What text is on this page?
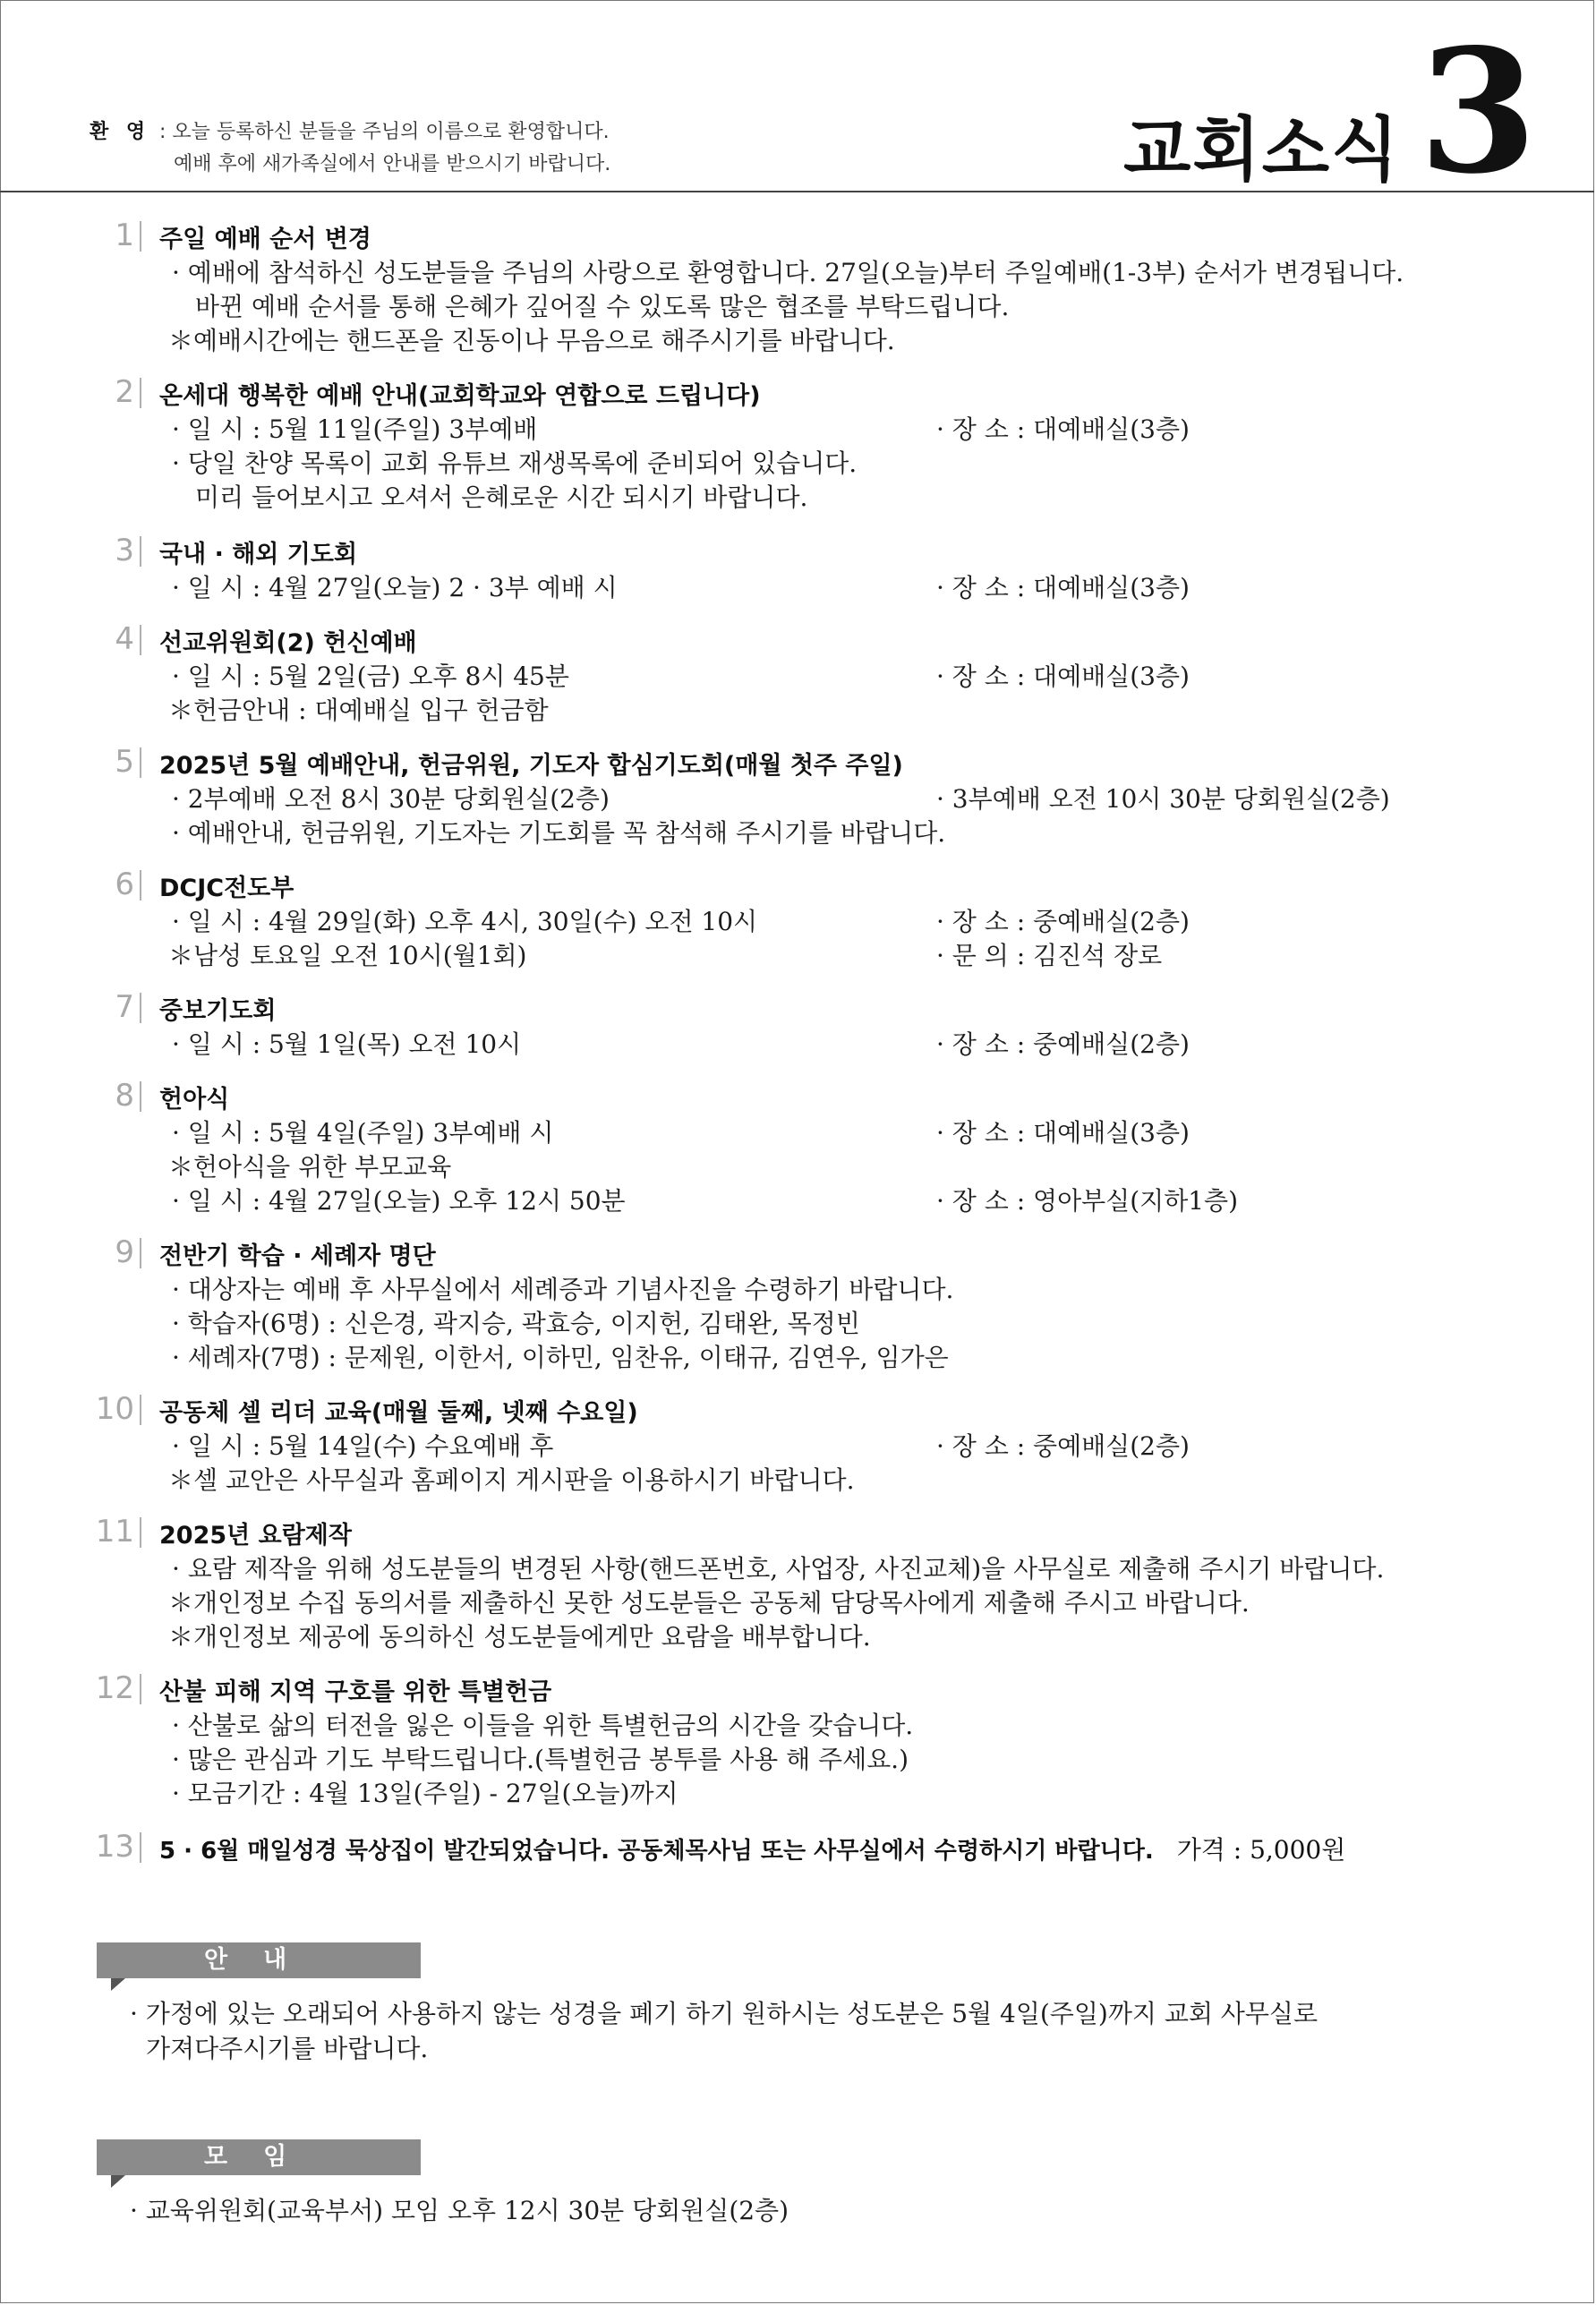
환 영 : 오늘 등록하신 분들을 주님의 이름으로 환영합니다.
예배 후에 새가족실에서 안내를 받으시기 바랍니다.	교회소식 3
1 주일 예배 순서 변경
· 예배에 참석하신 성도분들을 주님의 사랑으로 환영합니다. 27일(오늘)부터 주일예배(1-3부) 순서가 변경됩니다.
바뀐 예배 순서를 통해 은혜가 깊어질 수 있도록 많은 협조를 부탁드립니다.
＊예배시간에는 핸드폰을 진동이나 무음으로 해주시기를 바랍니다.
2 온세대 행복한 예배 안내(교회학교와 연합으로 드립니다)
· 일 시 : 5월 11일(주일) 3부예배	· 장 소 : 대예배실(3층)
· 당일 찬양 목록이 교회 유튜브 재생목록에 준비되어 있습니다.
미리 들어보시고 오셔서 은혜로운 시간 되시기 바랍니다.
3 국내 · 해외 기도회
· 일 시 : 4월 27일(오늘) 2 · 3부 예배 시	· 장 소 : 대예배실(3층)
4 선교위원회(2) 헌신예배
· 일 시 : 5월 2일(금) 오후 8시 45분	· 장 소 : 대예배실(3층)
＊헌금안내 : 대예배실 입구 헌금함
5 2025년 5월 예배안내, 헌금위원, 기도자 합심기도회(매월 첫주 주일)
· 2부예배 오전 8시 30분 당회원실(2층)	· 3부예배 오전 10시 30분 당회원실(2층)
· 예배안내, 헌금위원, 기도자는 기도회를 꼭 참석해 주시기를 바랍니다.
6 DCJC전도부
· 일 시 : 4월 29일(화) 오후 4시, 30일(수) 오전 10시	· 장 소 : 중예배실(2층)
＊남성 토요일 오전 10시(월1회)	· 문 의 : 김진석 장로
7 중보기도회
· 일 시 : 5월 1일(목) 오전 10시	· 장 소 : 중예배실(2층)
8 헌아식
· 일 시 : 5월 4일(주일) 3부예배 시	· 장 소 : 대예배실(3층)
＊헌아식을 위한 부모교육
· 일 시 : 4월 27일(오늘) 오후 12시 50분	· 장 소 : 영아부실(지하1층)
9 전반기 학습 · 세례자 명단
· 대상자는 예배 후 사무실에서 세례증과 기념사진을 수령하기 바랍니다.
· 학습자(6명) : 신은경, 곽지승, 곽효승, 이지헌, 김태완, 목정빈
· 세례자(7명) : 문제원, 이한서, 이하민, 임찬유, 이태규, 김연우, 임가은
10 공동체 셀 리더 교육(매월 둘째, 넷째 수요일)
· 일 시 : 5월 14일(수) 수요예배 후	· 장 소 : 중예배실(2층)
＊셀 교안은 사무실과 홈페이지 게시판을 이용하시기 바랍니다.
11 2025년 요람제작
· 요람 제작을 위해 성도분들의 변경된 사항(핸드폰번호, 사업장, 사진교체)을 사무실로 제출해 주시기 바랍니다.
＊개인정보 수집 동의서를 제출하신 못한 성도분들은 공동체 담당목사에게 제출해 주시고 바랍니다.
＊개인정보 제공에 동의하신 성도분들에게만 요람을 배부합니다.
12 산불 피해 지역 구호를 위한 특별헌금
· 산불로 삶의 터전을 잃은 이들을 위한 특별헌금의 시간을 갖습니다.
· 많은 관심과 기도 부탁드립니다.(특별헌금 봉투를 사용 해 주세요.)
· 모금기간 : 4월 13일(주일) - 27일(오늘)까지
13 5 · 6월 매일성경 묵상집이 발간되었습니다. 공동체목사님 또는 사무실에서 수령하시기 바랍니다. 가격 : 5,000원
안내
· 가정에 있는 오래되어 사용하지 않는 성경을 폐기 하기 원하시는 성도분은 5월 4일(주일)까지 교회 사무실로
가져다주시기를 바랍니다.
모임
· 교육위원회(교육부서) 모임 오후 12시 30분 당회원실(2층)
